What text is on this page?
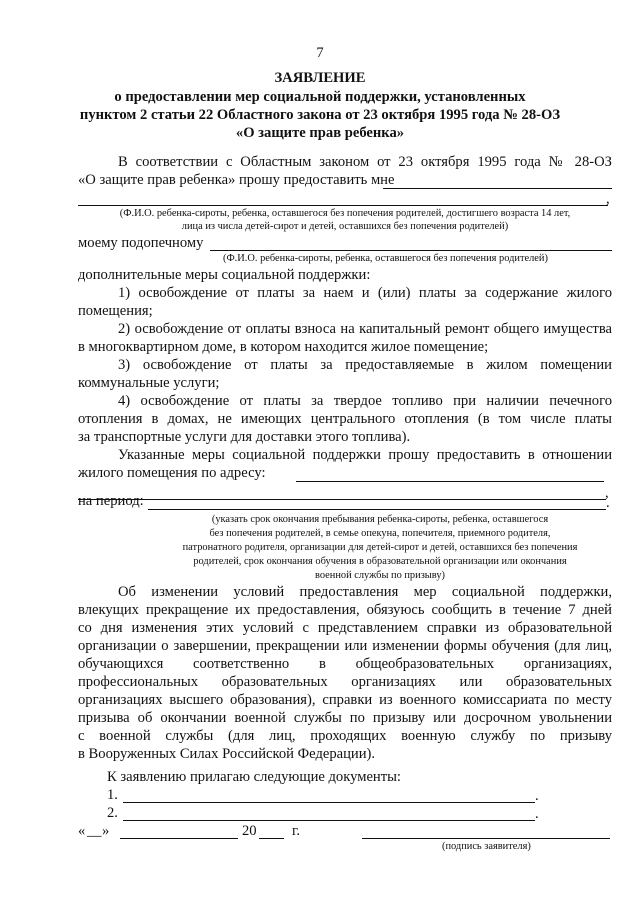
7
ЗАЯВЛЕНИЕ
о предоставлении мер социальной поддержки, установленных
пунктом 2 статьи 22 Областного закона от 23 октября 1995 года № 28-ОЗ
«О защите прав ребенка»
В соответствии с Областным законом от 23 октября 1995 года № 28-ОЗ
«О защите прав ребенка» прошу предоставить мне
,
(Ф.И.О. ребенка-сироты, ребенка, оставшегося без попечения родителей, достигшего возраста 14 лет,
лица из числа детей-сирот и детей, оставшихся без попечения родителей)
моему подопечному
(Ф.И.О. ребенка-сироты, ребенка, оставшегося без попечения родителей)
дополнительные меры социальной поддержки:
1) освобождение от платы за наем и (или) платы за содержание жилого
помещения;
2) освобождение от оплаты взноса на капитальный ремонт общего имущества
в многоквартирном доме, в котором находится жилое помещение;
3) освобождение от платы за предоставляемые в жилом помещении
коммунальные услуги;
4) освобождение от платы за твердое топливо при наличии печечного
отопления в домах, не имеющих центрального отопления (в том числе платы
за транспортные услуги для доставки этого топлива).
Указанные меры социальной поддержки прошу предоставить в отношении
жилого помещения по адресу:
,
на период:	.
(указать срок окончания пребывания ребенка-сироты, ребенка, оставшегося
без попечения родителей, в семье опекуна, попечителя, приемного родителя,
патронатного родителя, организации для детей-сирот и детей, оставшихся без попечения
родителей, срок окончания обучения в образовательной организации или окончания
военной службы по призыву)
Об изменении условий предоставления мер социальной поддержки,
влекущих прекращение их предоставления, обязуюсь сообщить в течение 7 дней
со дня изменения этих условий с представлением справки из образовательной
организации о завершении, прекращении или изменении формы обучения (для лиц,
обучающихся соответственно в общеобразовательных организациях,
профессиональных образовательных организациях или образовательных
организациях высшего образования), справки из военного комиссариата по месту
призыва об окончании военной службы по призыву или досрочном увольнении
с военной службы (для лиц, проходящих военную службу по призыву
в Вооруженных Силах Российской Федерации).
К заявлению прилагаю следующие документы:
1.	.
2.	.
« __ »	20 г.
(подпись заявителя)
